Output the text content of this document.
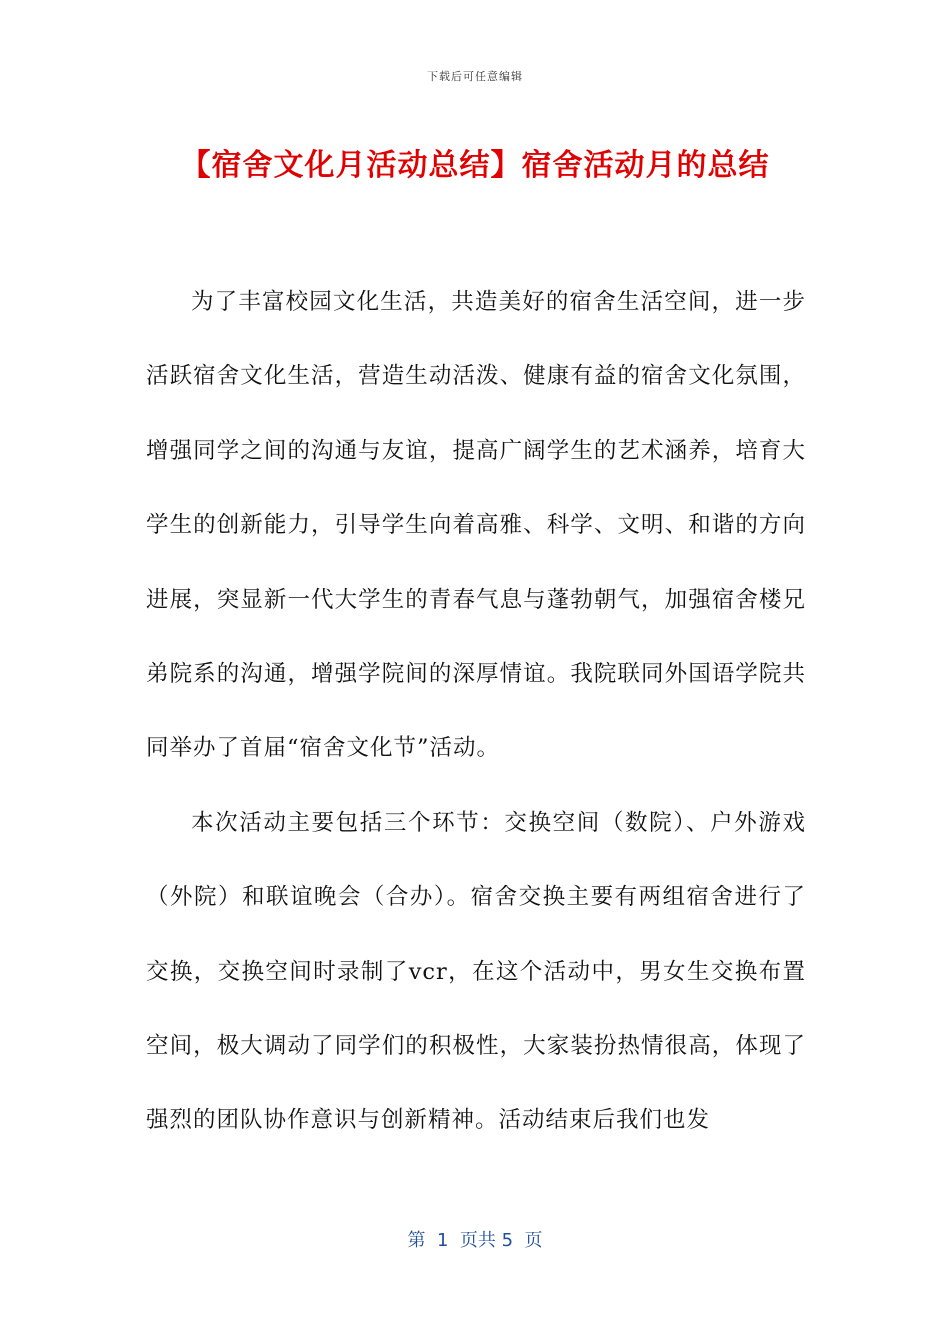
下载后可任意编辑
【宿舍文化月活动总结】宿舍活动月的总结

为了丰富校园文化生活，共造美好的宿舍生活空间，进一步活跃宿舍文化生活，营造生动活泼、健康有益的宿舍文化氛围，增强同学之间的沟通与友谊，提高广阔学生的艺术涵养，培育大学生的创新能力，引导学生向着高雅、科学、文明、和谐的方向进展，突显新一代大学生的青春气息与蓬勃朝气，加强宿舍楼兄弟院系的沟通，增强学院间的深厚情谊。我院联同外国语学院共同举办了首届“宿舍文化节”活动。

本次活动主要包括三个环节：交换空间（数院）、户外游戏（外院）和联谊晚会（合办）。宿舍交换主要有两组宿舍进行了交换，交换空间时录制了vcr，在这个活动中，男女生交换布置空间，极大调动了同学们的积极性，大家装扮热情很高，体现了强烈的团队协作意识与创新精神。活动结束后我们也发

第  1  页共 5  页
